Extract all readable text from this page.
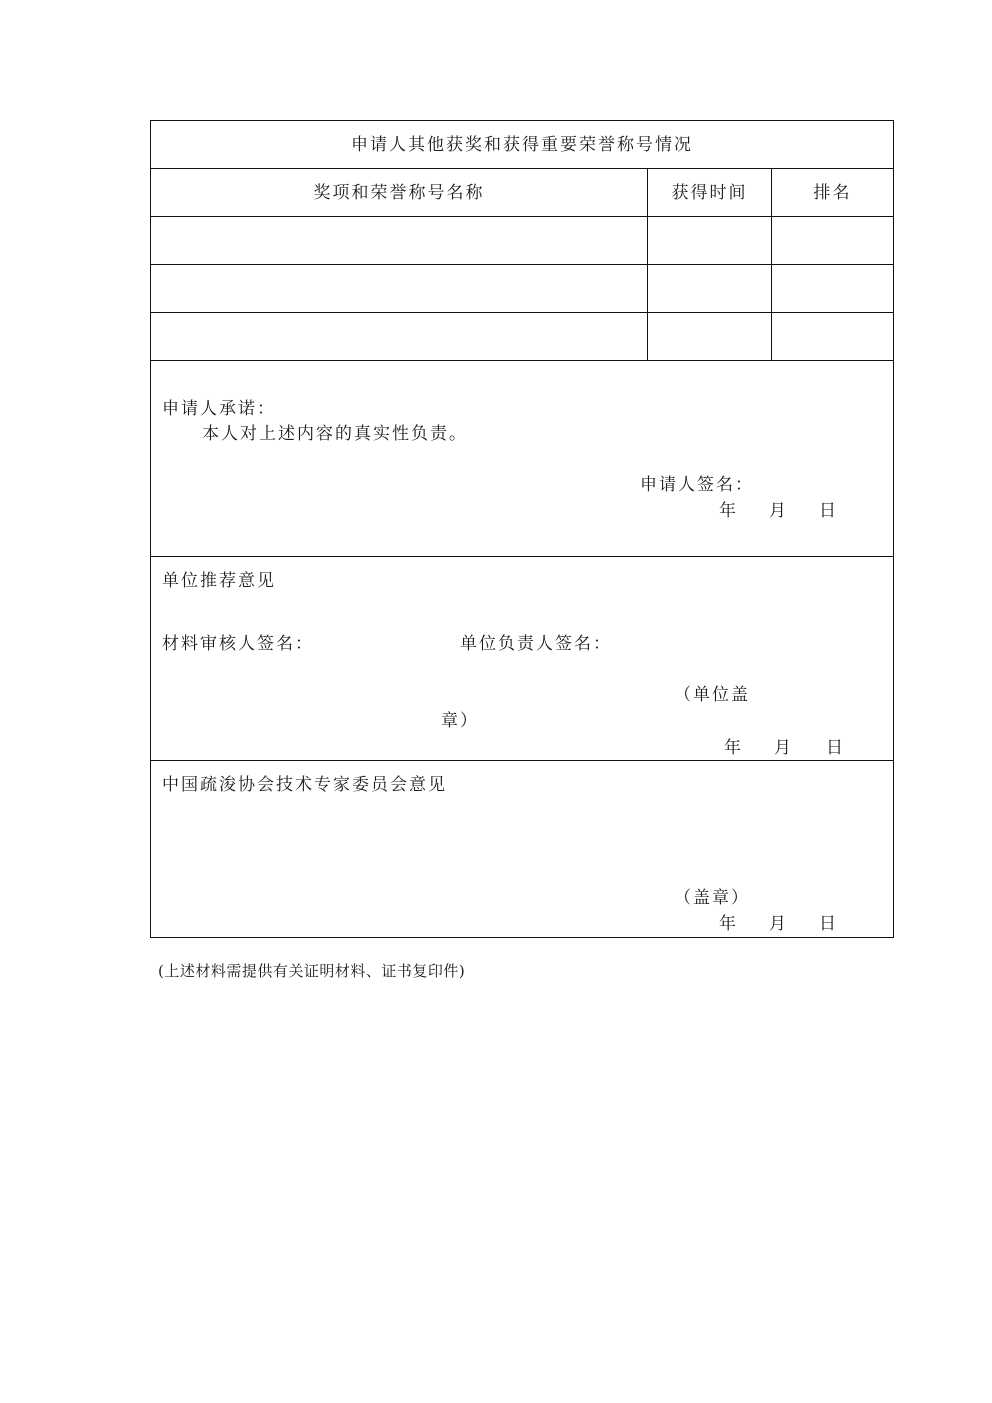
申请人其他获奖和获得重要荣誉称号情况
奖项和荣誉称号名称	获得时间	排名
申请人承诺：
本人对上述内容的真实性负责。
申请人签名：
年 月 日
单位推荐意见
材料审核人签名：	单位负责人签名：
（单位盖
章）
年 月 日
中国疏浚协会技术专家委员会意见
（盖章）
年 月 日
(上述材料需提供有关证明材料、证书复印件)
